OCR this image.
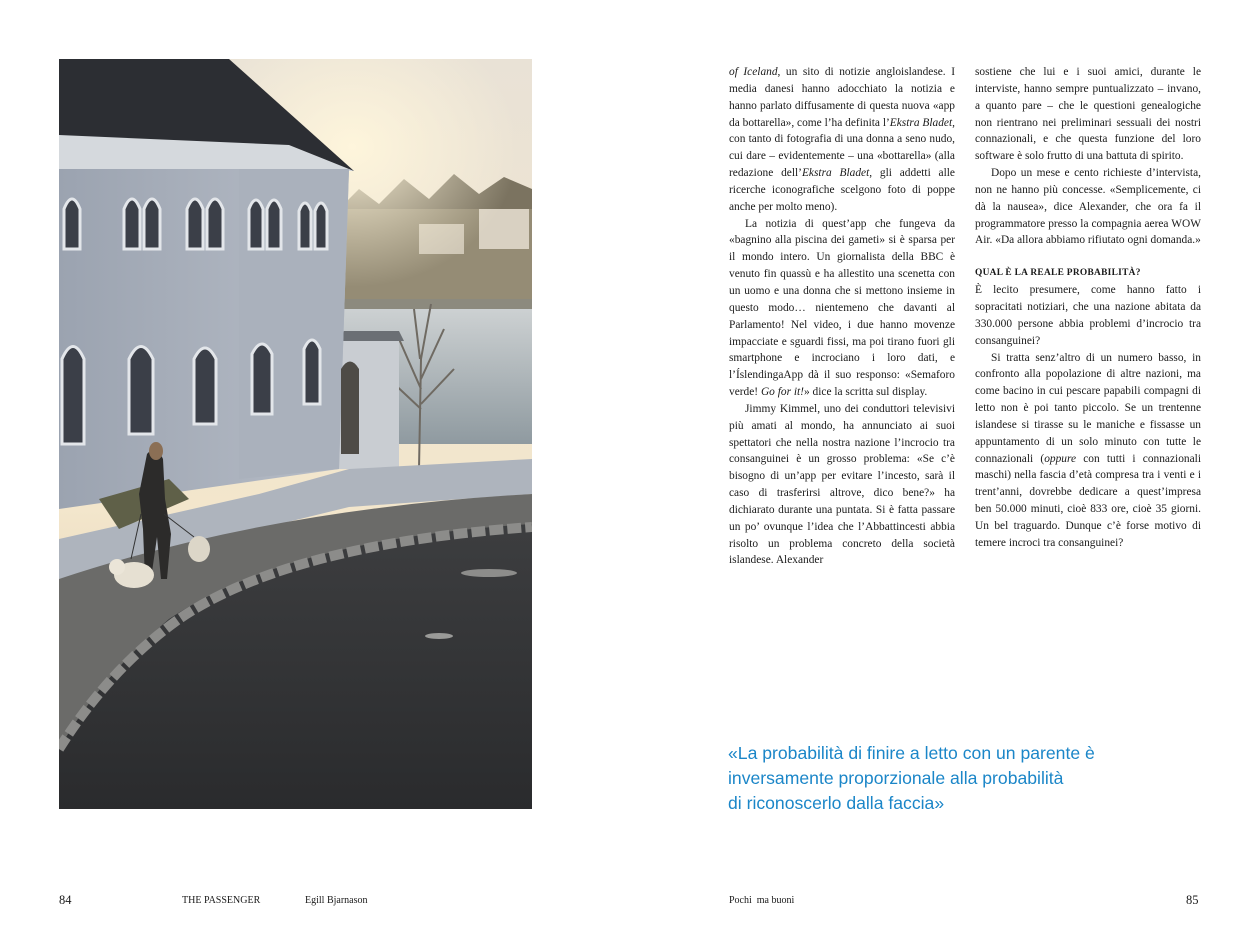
of Iceland, un sito di notizie angloislandese. I media danesi hanno adocchiato la notizia e hanno parlato diffusamente di questa nuova «app da bottarella», come l’ha definita l’Ekstra Bladet, con tanto di fotografia di una donna a seno nudo, cui dare – evidentemente – una «bottarella» (alla redazione dell’Ekstra Bladet, gli addetti alle ricerche iconografiche scelgono foto di poppe anche per molto meno).

La notizia di quest’app che fungeva da «bagnino alla piscina dei gameti» si è sparsa per il mondo intero. Un giornalista della BBC è venuto fin quassù e ha allestito una scenetta con un uomo e una donna che si mettono insieme in questo modo… nientemeno che davanti al Parlamento! Nel video, i due hanno movenze impacciate e sguardi fissi, ma poi tirano fuori gli smartphone e incrociano i loro dati, e l’ÍslendingaApp dà il suo responso: «Semaforo verde! Go for it!» dice la scritta sul display.

Jimmy Kimmel, uno dei conduttori televisivi più amati al mondo, ha annunciato ai suoi spettatori che nella nostra nazione l’incrocio tra consanguinei è un grosso problema: «Se c’è bisogno di un’app per evitare l’incesto, sarà il caso di trasferirsi altrove, dico bene?» ha dichiarato durante una puntata. Si è fatta passare un po’ ovunque l’idea che l’Abbattincesti abbia risolto un problema concreto della società islandese. Alexander

sostiene che lui e i suoi amici, durante le interviste, hanno sempre puntualizzato – invano, a quanto pare – che le questioni genealogiche non rientrano nei preliminari sessuali dei nostri connazionali, e che questa funzione del loro software è solo frutto di una battuta di spirito.

Dopo un mese e cento richieste d’intervista, non ne hanno più concesse. «Semplicemente, ci dà la nausea», dice Alexander, che ora fa il programmatore presso la compagnia aerea WOW Air. «Da allora abbiamo rifiutato ogni domanda.»

QUAL È LA REALE PROBABILITÀ?

È lecito presumere, come hanno fatto i sopracitati notiziari, che una nazione abitata da 330.000 persone abbia problemi d’incrocio tra consanguinei?

Si tratta senz’altro di un numero basso, in confronto alla popolazione di altre nazioni, ma come bacino in cui pescare papabili compagni di letto non è poi tanto piccolo. Se un trentenne islandese si tirasse su le maniche e fissasse un appuntamento di un solo minuto con tutte le connazionali (oppure con tutti i connazionali maschi) nella fascia d’età compresa tra i venti e i trent’anni, dovrebbe dedicare a quest’impresa ben 50.000 minuti, cioè 833 ore, cioè 35 giorni. Un bel traguardo. Dunque c’è forse motivo di temere incroci tra consanguinei?

«La probabilità di finire a letto con un parente è
inversamente proporzionale alla probabilità
di riconoscerlo dalla faccia»
84	THE PASSENGER	Egill Bjarnason	Pochi  ma buoni	85
